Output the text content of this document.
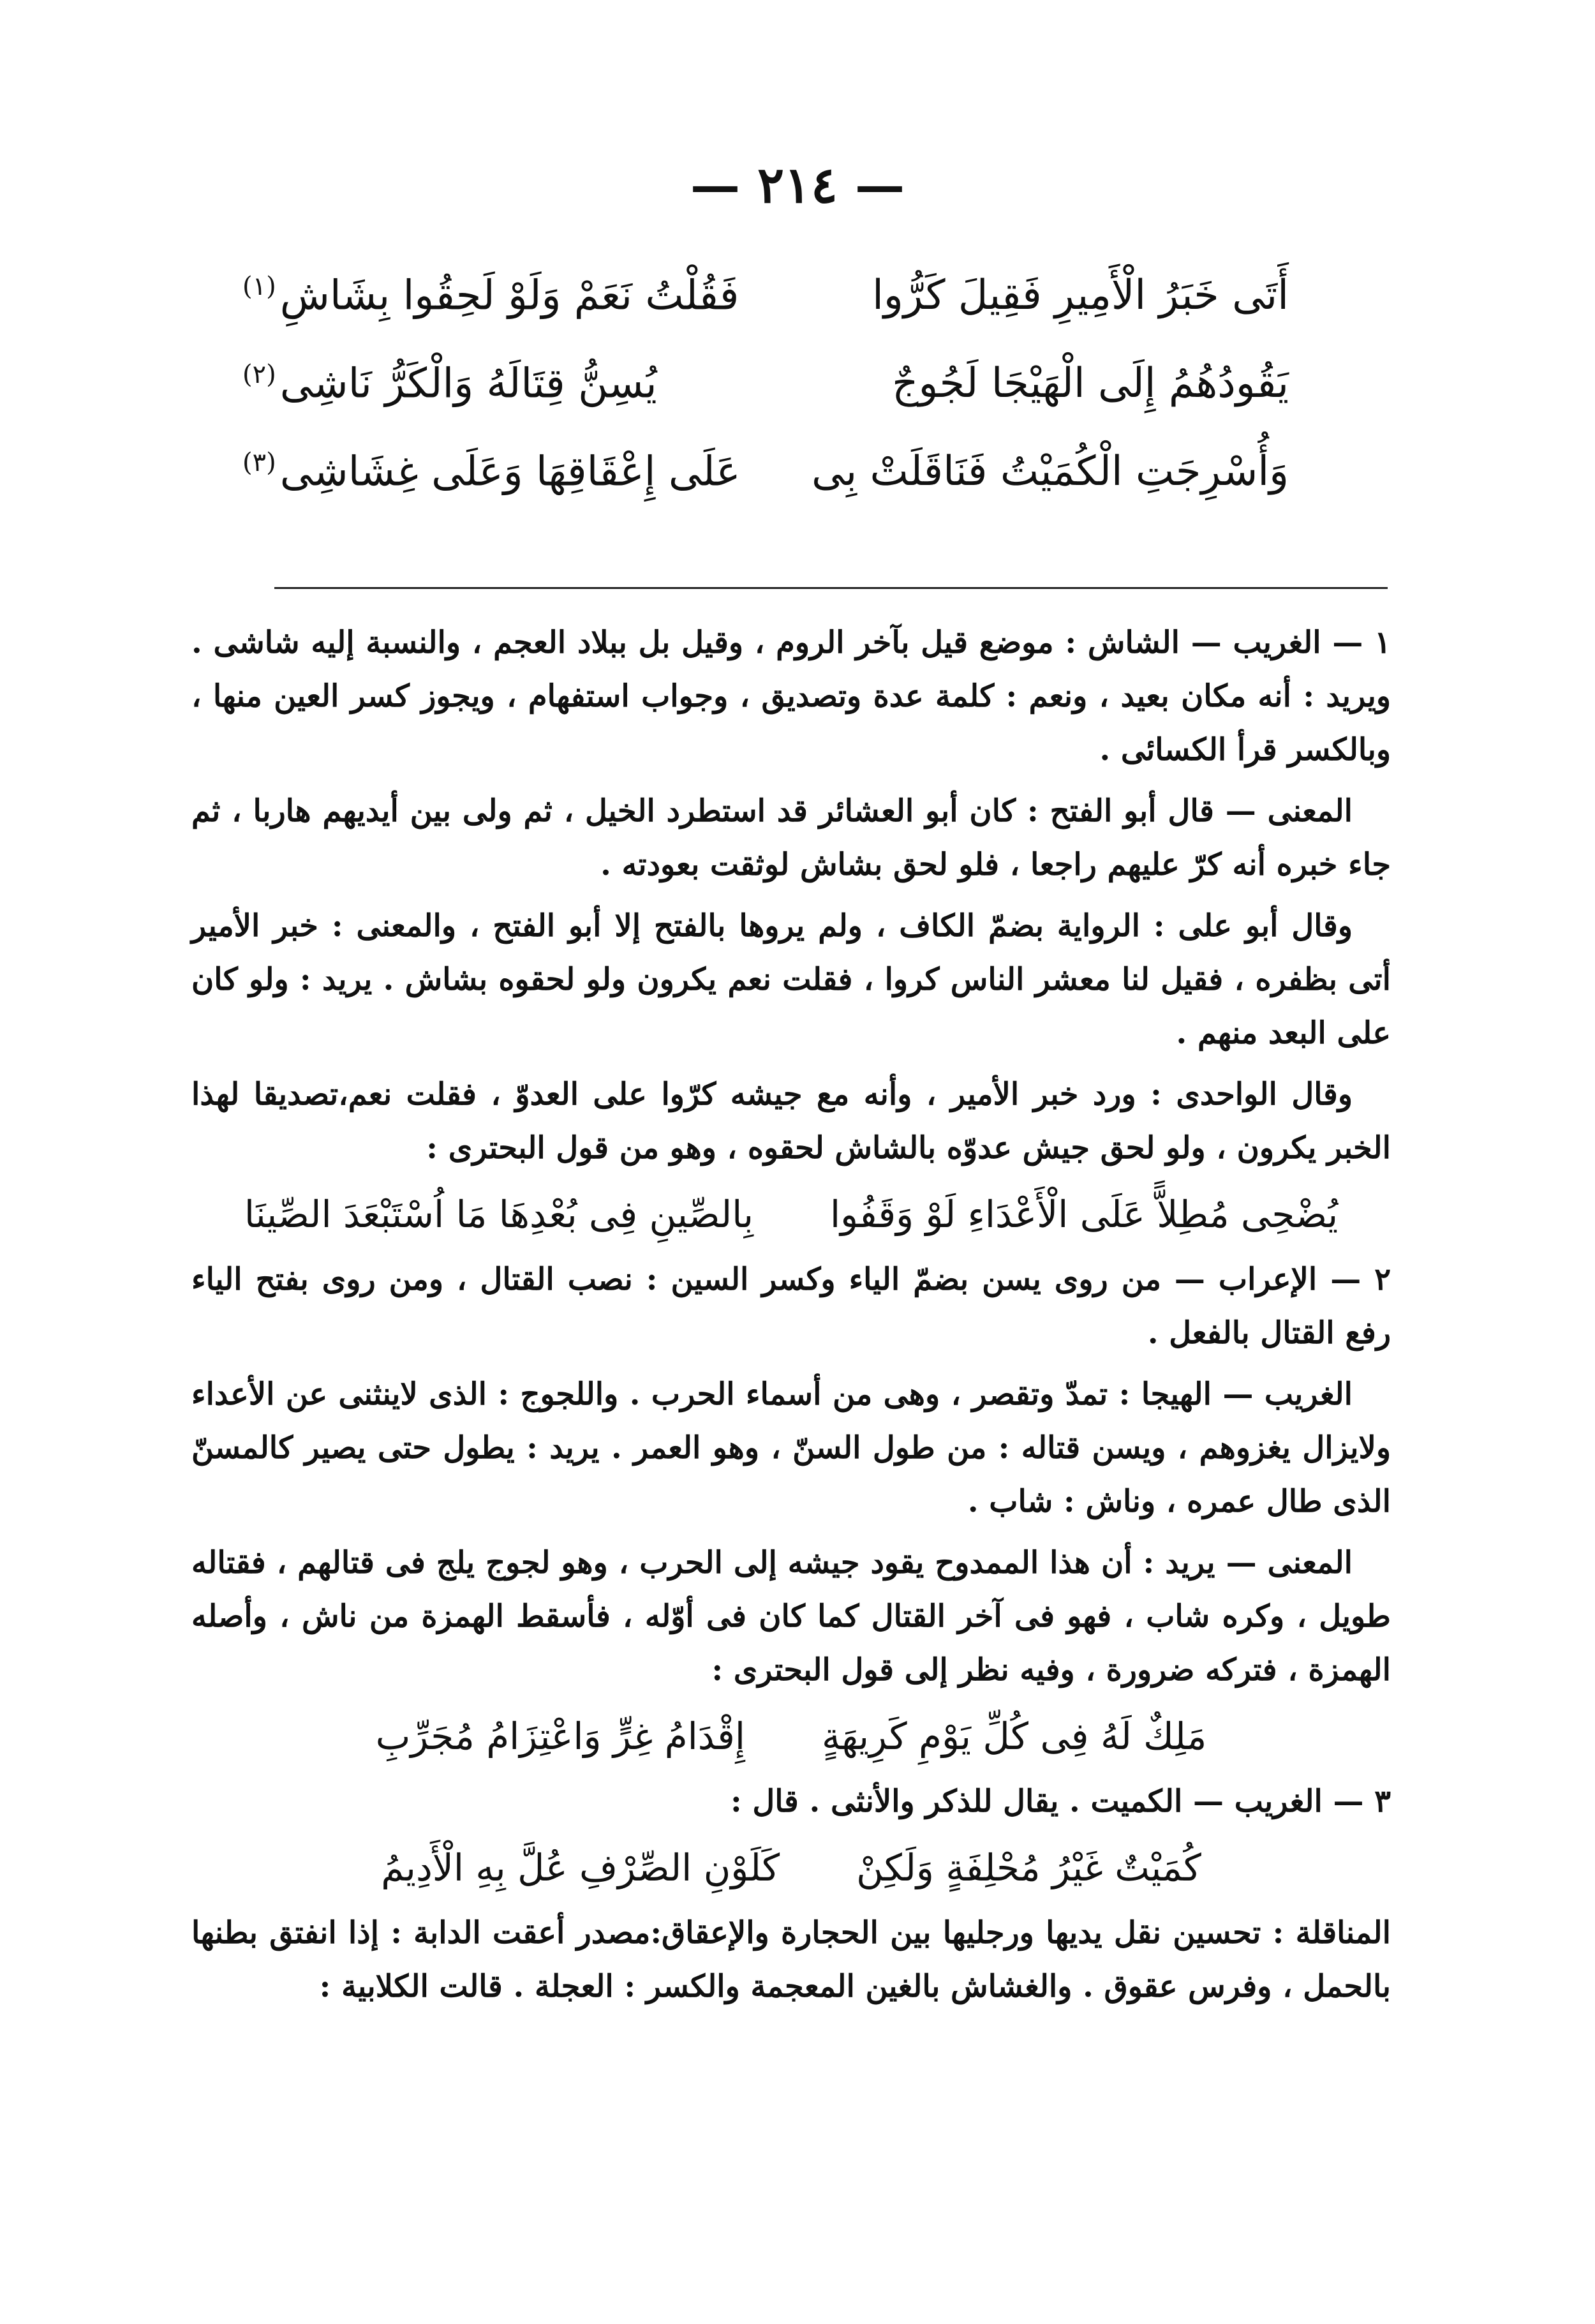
— ٢١٤ —
أَتَى خَبَرُ الْأَمِيرِ فَقِيلَ كَرُّوا
فَقُلْتُ نَعَمْ وَلَوْ لَحِقُوا بِشَاشِ$^{(١)}$
يَقُودُهُمُ إِلَى الْهَيْجَا لَجُوجٌ
يُسِنُّ قِتَالَهُ وَالْكَرُّ نَاشِى$^{(٢)}$
وَأُسْرِجَتِ الْكُمَيْتُ فَنَاقَلَتْ بِى
عَلَى إِعْقَاقِهَا وَعَلَى غِشَاشِى$^{(٣)}$

١ — الغريب — الشاش : موضع قيل بآخر الروم ، وقيل بل ببلاد العجم ، والنسبة إليه شاشى . ويريد : أنه مكان بعيد ، ونعم : كلمة عدة وتصديق ، وجواب استفهام ، ويجوز كسر العين منها ، وبالكسر قرأ الكسائى .

المعنى — قال أبو الفتح : كان أبو العشائر قد استطرد الخيل ، ثم ولى بين أيديهم هاربا ، ثم جاء خبره أنه كرّ عليهم راجعا ، فلو لحق بشاش لوثقت بعودته .

وقال أبو على : الرواية بضمّ الكاف ، ولم يروها بالفتح إلا أبو الفتح ، والمعنى : خبر الأمير أتى بظفره ، فقيل لنا معشر الناس كروا ، فقلت نعم يكرون ولو لحقوه بشاش . يريد : ولو كان على البعد منهم .

وقال الواحدى : ورد خبر الأمير ، وأنه مع جيشه كرّوا على العدوّ ، فقلت نعم،تصديقا لهذا الخبر يكرون ، ولو لحق جيش عدوّه بالشاش لحقوه ، وهو من قول البحترى :

يُضْحِى مُطِلاًّ عَلَى الْأَعْدَاءِ لَوْ وَقَفُوا
بِالصِّينِ فِى بُعْدِهَا مَا اُسْتَبْعَدَ الصِّينَا

٢ — الإعراب — من روى يسن بضمّ الياء وكسر السين : نصب القتال ، ومن روى بفتح الياء رفع القتال بالفعل .

الغريب — الهيجا : تمدّ وتقصر ، وهى من أسماء الحرب . واللجوج : الذى لاينثنى عن الأعداء ولايزال يغزوهم ، ويسن قتاله : من طول السنّ ، وهو العمر . يريد : يطول حتى يصير كالمسنّ الذى طال عمره ، وناش : شاب .

المعنى — يريد : أن هذا الممدوح يقود جيشه إلى الحرب ، وهو لجوج يلج فى قتالهم ، فقتاله طويل ، وكره شاب ، فهو فى آخر القتال كما كان فى أوّله ، فأسقط الهمزة من ناش ، وأصله الهمزة ، فتركه ضرورة ، وفيه نظر إلى قول البحترى :

مَلِكٌ لَهُ فِى كُلِّ يَوْمِ كَرِيهَةٍ
إِقْدَامُ غِرٍّ وَاعْتِزَامُ مُجَرِّبِ

٣ — الغريب — الكميت . يقال للذكر والأنثى . قال :

كُمَيْتٌ غَيْرُ مُحْلِفَةٍ وَلَكِنْ
كَلَوْنِ الصِّرْفِ عُلَّ بِهِ الْأَدِيمُ

المناقلة : تحسين نقل يديها ورجليها بين الحجارة والإعقاق:مصدر أعقت الدابة : إذا انفتق بطنها بالحمل ، وفرس عقوق . والغشاش بالغين المعجمة والكسر : العجلة . قالت الكلابية :
